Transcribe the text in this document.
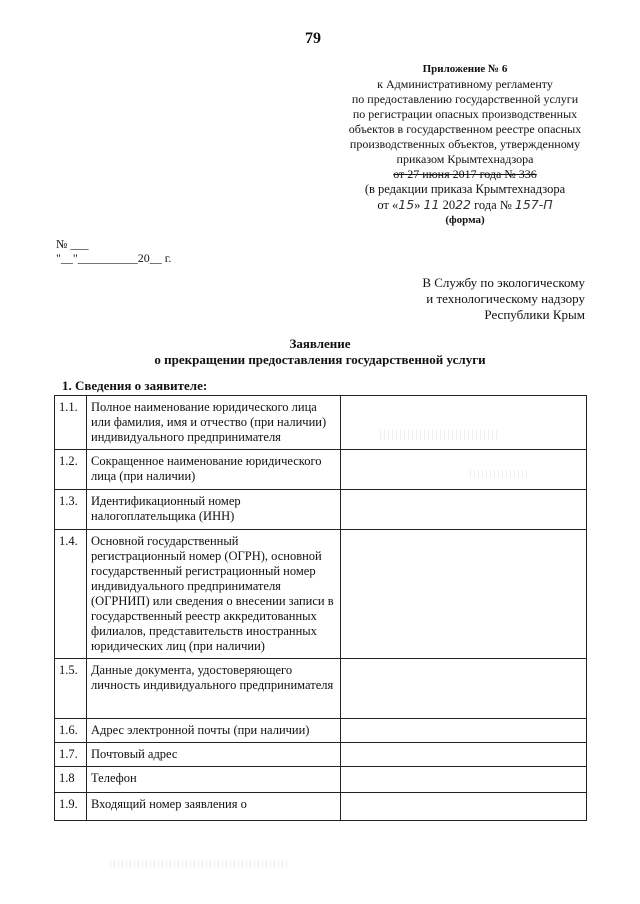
79
Приложение № 6
к Административному регламенту
по предоставлению государственной услуги
по регистрации опасных производственных
объектов в государственном реестре опасных
производственных объектов, утвержденному
приказом Крымтехнадзора
от 27 июня 2017 года № 336
(в редакции приказа Крымтехнадзора
от «15» 11 2022 года № 157-П
(форма)
№ ___
"__"__________20__ г.
В Службу по экологическому
и технологическому надзору
Республики Крым
Заявление
о прекращении предоставления государственной услуги
1. Сведения о заявителе:
1.1.	Полное наименование юридического лица или фамилия, имя и отчество (при наличии) индивидуального предпринимателя	
1.2.	Сокращенное наименование юридического лица (при наличии)	
1.3.	Идентификационный номер налогоплательщика (ИНН)	
1.4.	Основной государственный регистрационный номер (ОГРН), основной государственный регистрационный номер индивидуального предпринимателя (ОГРНИП) или сведения о внесении записи в государственный реестр аккредитованных филиалов, представительств иностранных юридических лиц (при наличии)	
1.5.	Данные документа, удостоверяющего личность индивидуального предпринимателя	
1.6.	Адрес электронной почты (при наличии)	
1.7.	Почтовый адрес	
1.8	Телефон	
1.9.	Входящий номер заявления о	
